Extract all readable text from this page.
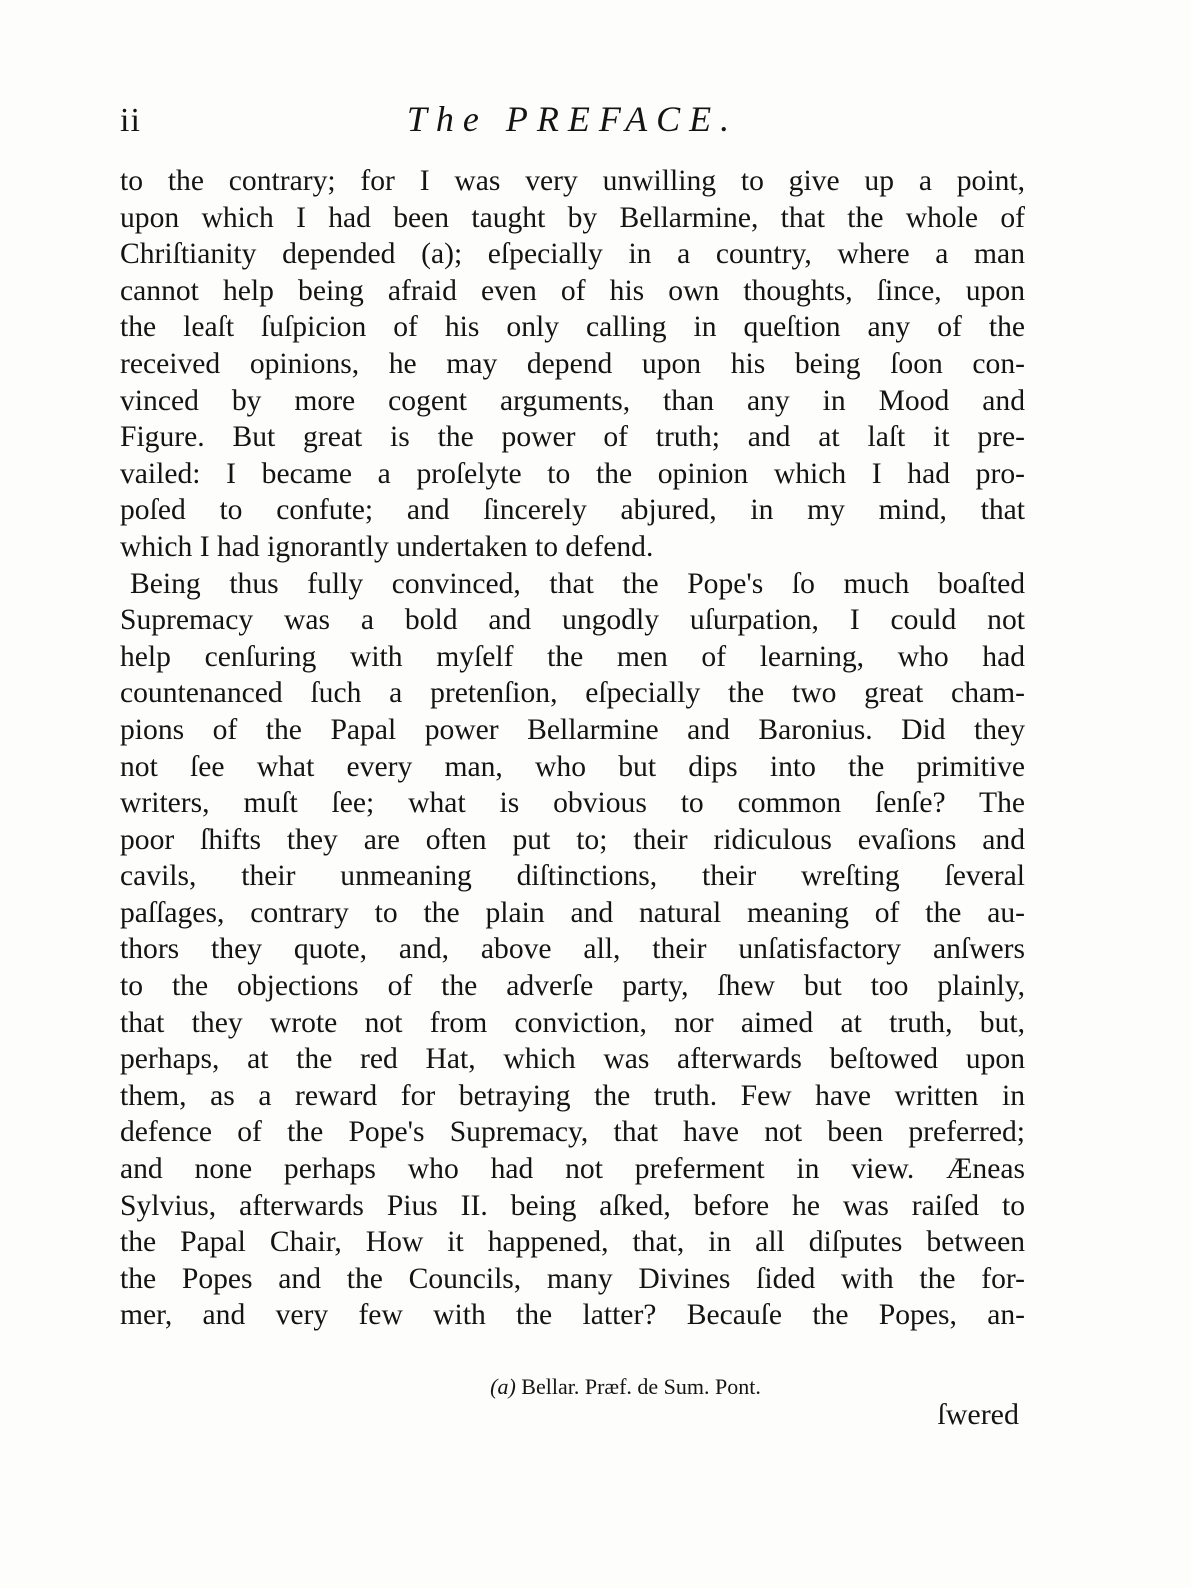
ii	The PREFACE.

to the contrary; for I was very unwilling to give up a point,
upon which I had been taught by Bellarmine, that the whole of
Chriſtianity depended (a); eſpecially in a country, where a man
cannot help being afraid even of his own thoughts, ſince, upon
the leaſt ſuſpicion of his only calling in queſtion any of the
received opinions, he may depend upon his being ſoon con-
vinced by more cogent arguments, than any in Mood and
Figure. But great is the power of truth; and at laſt it pre-
vailed: I became a proſelyte to the opinion which I had pro-
poſed to confute; and ſincerely abjured, in my mind, that
which I had ignorantly undertaken to defend.

Being thus fully convinced, that the Pope's ſo much boaſted
Supremacy was a bold and ungodly uſurpation, I could not
help cenſuring with myſelf the men of learning, who had
countenanced ſuch a pretenſion, eſpecially the two great cham-
pions of the Papal power Bellarmine and Baronius. Did they
not ſee what every man, who but dips into the primitive
writers, muſt ſee; what is obvious to common ſenſe? The
poor ſhifts they are often put to; their ridiculous evaſions and
cavils, their unmeaning diſtinctions, their wreſting ſeveral
paſſages, contrary to the plain and natural meaning of the au-
thors they quote, and, above all, their unſatisfactory anſwers
to the objections of the adverſe party, ſhew but too plainly,
that they wrote not from conviction, nor aimed at truth, but,
perhaps, at the red Hat, which was afterwards beſtowed upon
them, as a reward for betraying the truth. Few have written in
defence of the Pope's Supremacy, that have not been preferred;
and none perhaps who had not preferment in view. Æneas
Sylvius, afterwards Pius II. being aſked, before he was raiſed to
the Papal Chair, How it happened, that, in all diſputes between
the Popes and the Councils, many Divines ſided with the for-
mer, and very few with the latter? Becauſe the Popes, an-

(a) Bellar. Præf. de Sum. Pont.
ſwered
